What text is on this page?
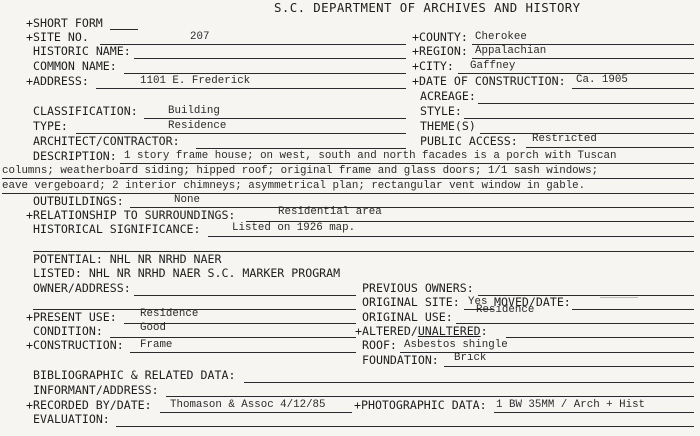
S.C. DEPARTMENT OF ARCHIVES AND HISTORY
+SHORT FORM
+SITE NO.	207	+COUNTY: Cherokee
HISTORIC NAME:	+REGION: Appalachian
COMMON NAME:	+CITY: Gaffney
+ADDRESS:	1101 E. Frederick	+DATE OF CONSTRUCTION: Ca. 1905
ACREAGE:
CLASSIFICATION:	Building	STYLE:
TYPE:	Residence	THEME(S)
ARCHITECT/CONTRACTOR:	PUBLIC ACCESS: Restricted
DESCRIPTION: 1 story frame house; on west, south and north facades is a porch with Tuscan
columns; weatherboard siding; hipped roof; original frame and glass doors; 1/1 sash windows;
eave vergeboard; 2 interior chimneys; asymmetrical plan; rectangular vent window in gable.
OUTBUILDINGS:	None
+RELATIONSHIP TO SURROUNDINGS:	Residential area
HISTORICAL SIGNIFICANCE:	Listed on 1926 map.
POTENTIAL: NHL NR NRHD NAER
LISTED: NHL NR NRHD NAER S.C. MARKER PROGRAM
OWNER/ADDRESS:	PREVIOUS OWNERS:
ORIGINAL SITE: Yes MOVED/DATE:
+PRESENT USE: Residence	ORIGINAL USE: Residence
CONDITION:	Good	+ALTERED/UNALTERED:
+CONSTRUCTION: Frame	ROOF: Asbestos shingle
FOUNDATION: Brick
BIBLIOGRAPHIC & RELATED DATA:
INFORMANT/ADDRESS:
+RECORDED BY/DATE: Thomason & Assoc 4/12/85 +PHOTOGRAPHIC DATA: 1 BW 35MM / Arch + Hist
EVALUATION:
